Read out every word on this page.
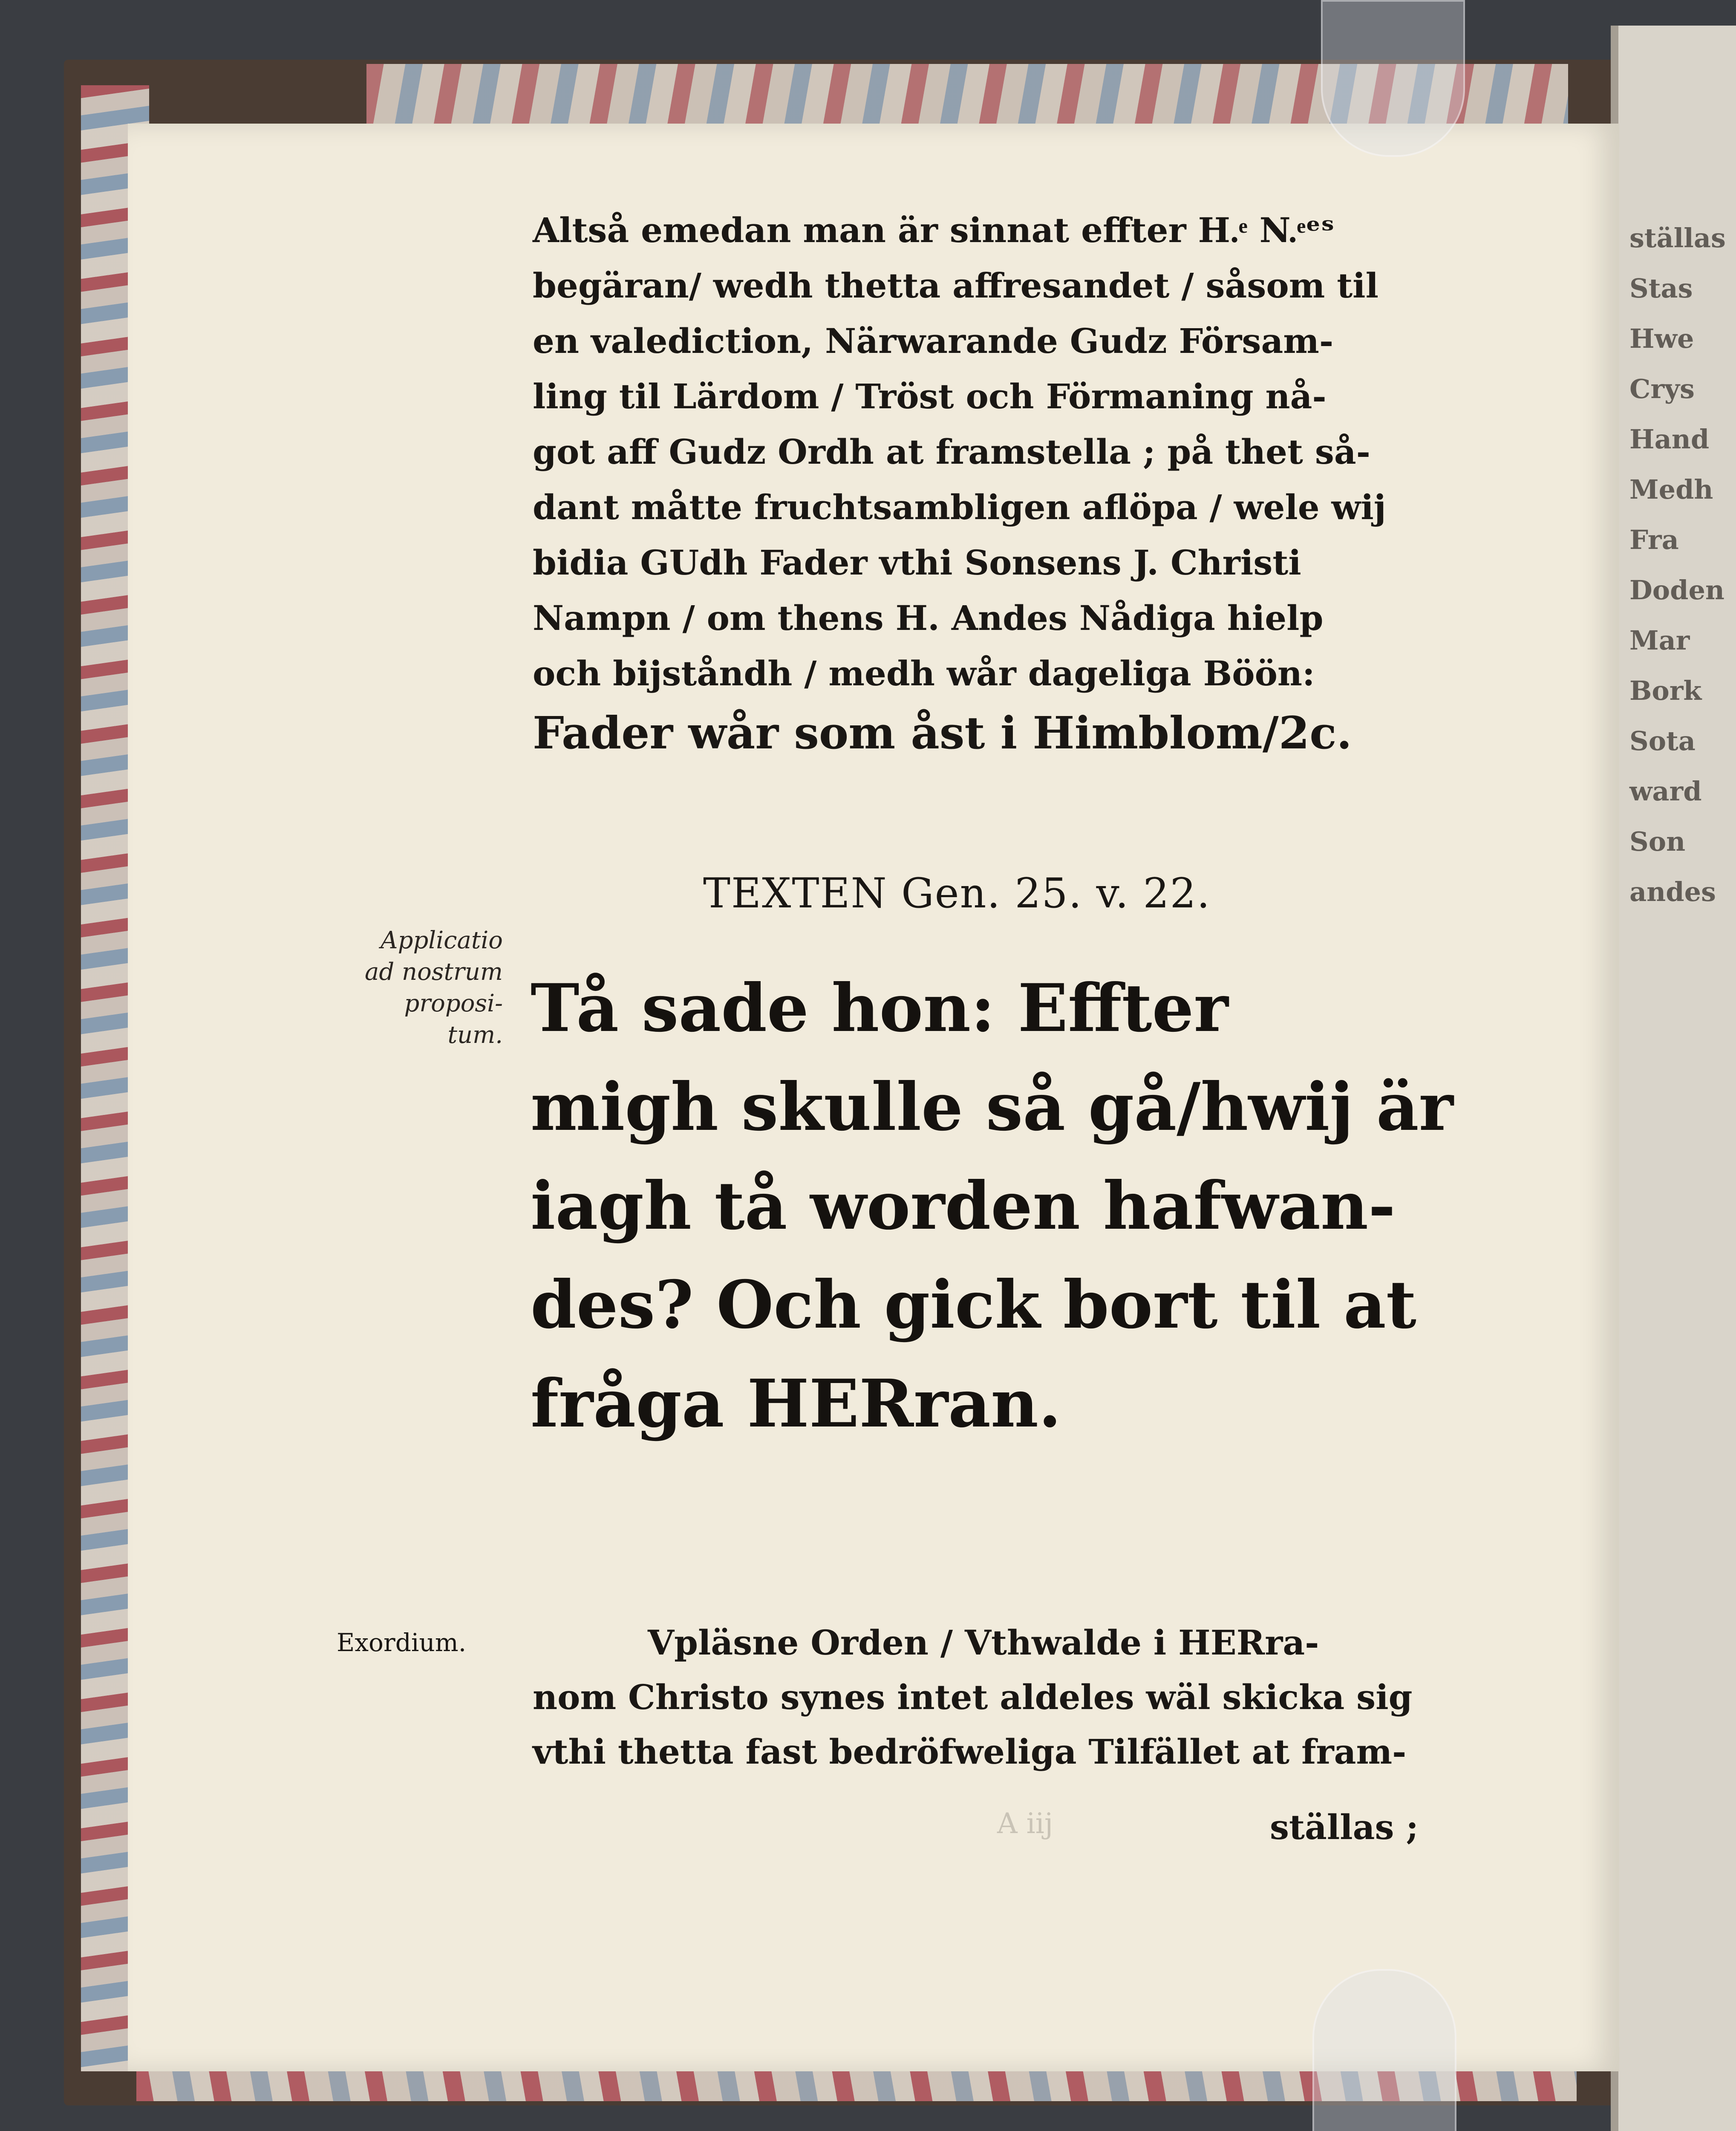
ställas
Stas
Hwe
Crys
Hand
Medh
Fra
Doden
Mar
Bork
Sota
ward
Son
andes
Altså emedan man är sinnat effter H.ͤ N.ͤᵉˢ
begäran/ wedh thetta affresandet / såsom til
en valediction, Närwarande Gudz Försam-
ling til Lärdom / Tröst och Förmaning nå-
got aff Gudz Ordh at framstella ; på thet så-
dant måtte fruchtsambligen aflöpa / wele wij
bidia GUdh Fader vthi Sonsens J. Christi
Nampn / om thens H. Andes Nådiga hielp
och bijståndh / medh wår dageliga Böön:
Fader wår som åst i Himblom/2c.
TEXTEN Gen. 25. v. 22.
Applicatio
ad nostrum
proposi-
tum. Tå sade hon: Effter
migh skulle så gå/hwij är
iagh tå worden hafwan-
des? Och gick bort til at
fråga HERran.
Exordium.	Vpläsne Orden / Vthwalde i HERra-
nom Christo synes intet aldeles wäl skicka sig
vthi thetta fast bedröfweliga Tilfället at fram-
A iij	ställas ;
